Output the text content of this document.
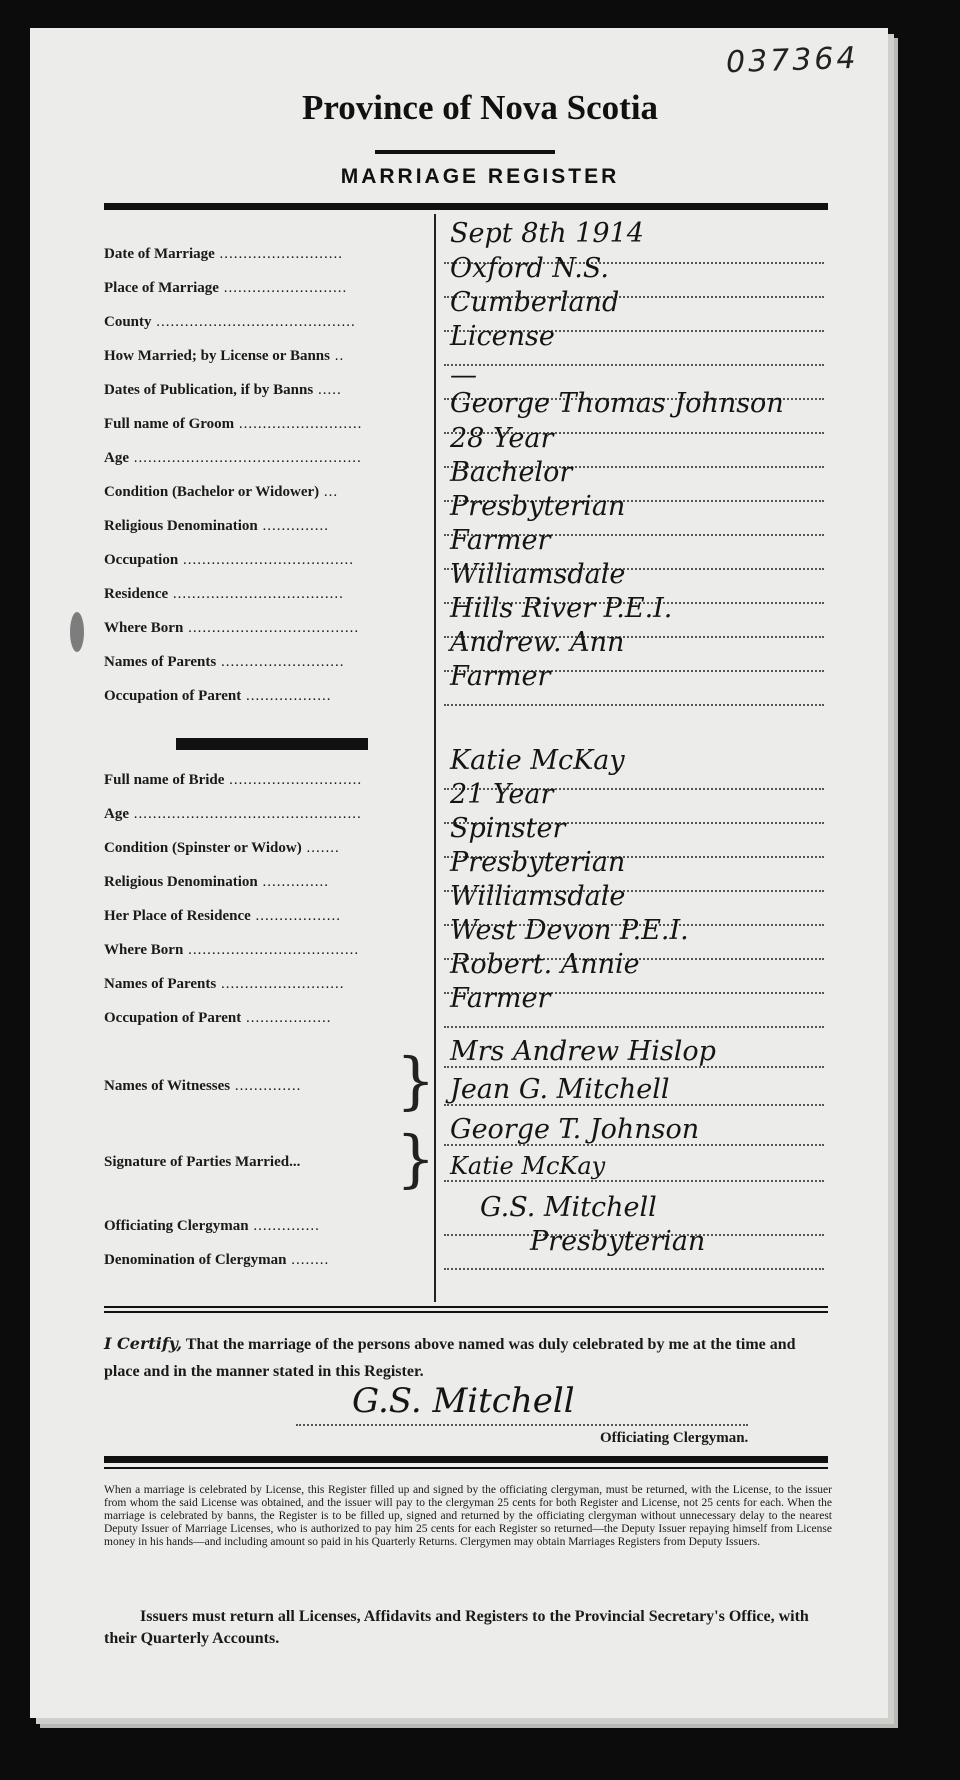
037364
Province of Nova Scotia
MARRIAGE REGISTER
Date of Marriage ..........................
Sept 8th 1914
Place of Marriage ..........................
Oxford N.S.
County ..........................................
Cumberland
How Married; by License or Banns ..
License
Dates of Publication, if by Banns .....	—
Full name of Groom ..........................
George Thomas Johnson
Age ................................................
28 Year
Condition (Bachelor or Widower) ...
Bachelor
Religious Denomination ..............
Presbyterian
Occupation ....................................
Farmer
Residence ....................................
Williamsdale
Where Born ....................................
Hills River P.E.I.
Names of Parents ..........................
Andrew. Ann
Occupation of Parent ..................
Farmer
Full name of Bride ............................
Katie McKay
Age ................................................
21 Year
Condition (Spinster or Widow) .......
Spinster
Religious Denomination ..............
Presbyterian
Her Place of Residence ..................
Williamsdale
Where Born ....................................
West Devon P.E.I.
Names of Parents ..........................
Robert. Annie
Occupation of Parent ..................
Farmer
Names of Witnesses ..............	} Mrs Andrew Hislop
Jean G. Mitchell
Signature of Parties Married...	} George T. Johnson
Katie McKay
Officiating Clergyman ..............
G.S. Mitchell
Denomination of Clergyman ........
Presbyterian
I Certify, That the marriage of the persons above named was duly celebrated by me at the time and place and in the manner stated in this Register.
G.S. Mitchell
Officiating Clergyman.
When a marriage is celebrated by License, this Register filled up and signed by the officiating clergyman, must be returned, with the License, to the issuer from whom the said License was obtained, and the issuer will pay to the clergyman 25 cents for both Register and License, not 25 cents for each. When the marriage is celebrated by banns, the Register is to be filled up, signed and returned by the officiating clergyman without unnecessary delay to the nearest Deputy Issuer of Marriage Licenses, who is authorized to pay him 25 cents for each Register so returned—the Deputy Issuer repaying himself from License money in his hands—and including amount so paid in his Quarterly Returns. Clergymen may obtain Marriages Registers from Deputy Issuers.
Issuers must return all Licenses, Affidavits and Registers to the Provincial Secretary's Office, with their Quarterly Accounts.
